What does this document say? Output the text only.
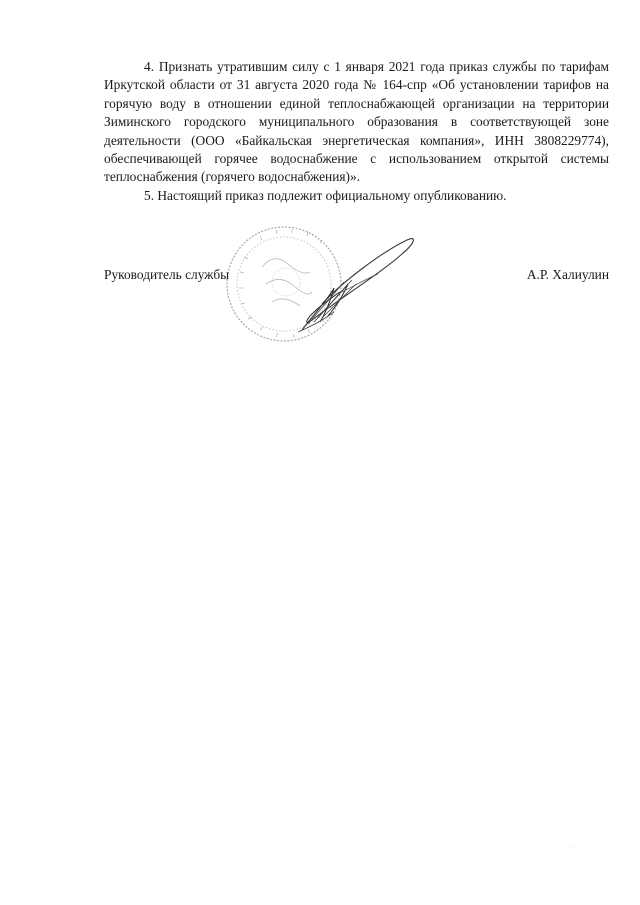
4. Признать утратившим силу с 1 января 2021 года приказ службы по тарифам Иркутской области от 31 августа 2020 года № 164-спр «Об установлении тарифов на горячую воду в отношении единой теплоснабжающей организации на территории Зиминского городского муниципального образования в соответствующей зоне деятельности (ООО «Байкальская энергетическая компания», ИНН 3808229774), обеспечивающей горячее водоснабжение с использованием открытой системы теплоснабжения (горячего водоснабжения)».

5. Настоящий приказ подлежит официальному опубликованию.

Руководитель службы	А.Р. Халиулин
.
